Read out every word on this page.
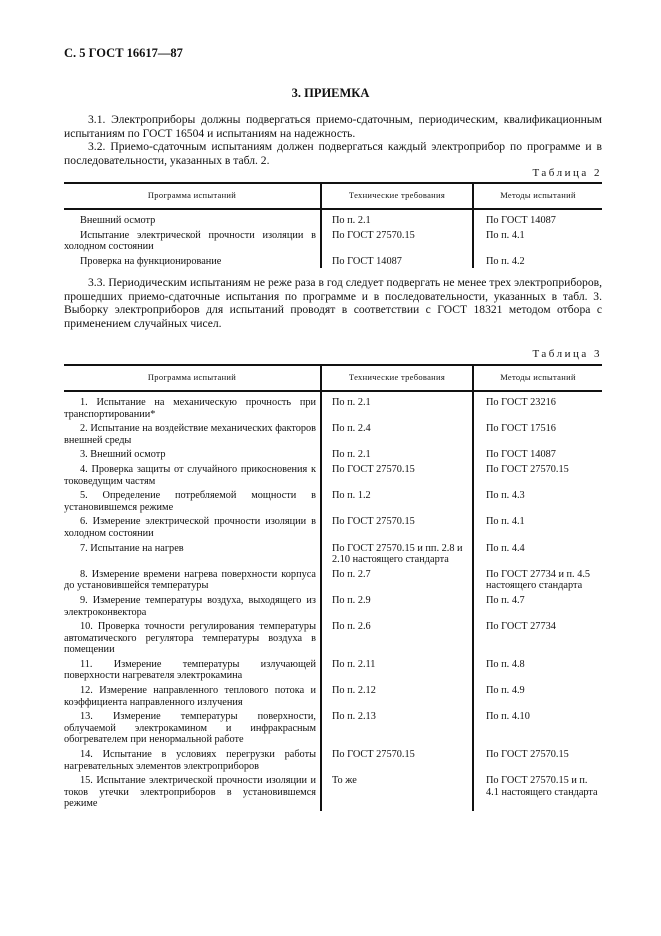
С. 5 ГОСТ 16617—87
3. ПРИЕМКА

3.1. Электроприборы должны подвергаться приемо-сдаточным, периодическим, квалификационным испытаниям по ГОСТ 16504 и испытаниям на надежность.

3.2. Приемо-сдаточным испытаниям должен подвергаться каждый электроприбор по программе и в последовательности, указанных в табл. 2.

Таблица 2
Программа испытаний	Технические требования	Методы испытаний

Внешний осмотр	По п. 2.1	По ГОСТ 14087

Испытание электрической прочности изоляции в холодном состоянии	По ГОСТ 27570.15	По п. 4.1

Проверка на функционирование	По ГОСТ 14087	По п. 4.2

3.3. Периодическим испытаниям не реже раза в год следует подвергать не менее трех электроприборов, прошедших приемо-сдаточные испытания по программе и в последовательности, указанных в табл. 3. Выборку электроприборов для испытаний проводят в соответствии с ГОСТ 18321 методом отбора с применением случайных чисел.

Таблица 3
Программа испытаний	Технические требования	Методы испытаний

1. Испытание на механическую прочность при транспортировании*	По п. 2.1	По ГОСТ 23216

2. Испытание на воздействие механических факторов внешней среды	По п. 2.4	По ГОСТ 17516

3. Внешний осмотр	По п. 2.1	По ГОСТ 14087

4. Проверка защиты от случайного прикосновения к токоведущим частям	По ГОСТ 27570.15	По ГОСТ 27570.15

5. Определение потребляемой мощности в установившемся режиме	По п. 1.2	По п. 4.3

6. Измерение электрической прочности изоляции в холодном состоянии	По ГОСТ 27570.15	По п. 4.1

7. Испытание на нагрев	По ГОСТ 27570.15 и пп. 2.8 и 2.10 настоящего стандарта	По п. 4.4

8. Измерение времени нагрева поверхности корпуса до установившейся температуры	По п. 2.7	По ГОСТ 27734 и п. 4.5 настоящего стандарта

9. Измерение температуры воздуха, выходящего из электроконвектора	По п. 2.9	По п. 4.7

10. Проверка точности регулирования температуры автоматического регулятора температуры воздуха в помещении	По п. 2.6	По ГОСТ 27734

11. Измерение температуры излучающей поверхности нагревателя электрокамина	По п. 2.11	По п. 4.8

12. Измерение направленного теплового потока и коэффициента направленного излучения	По п. 2.12	По п. 4.9

13. Измерение температуры поверхности, облучаемой электрокамином и инфракрасным обогревателем при ненормальной работе	По п. 2.13	По п. 4.10

14. Испытание в условиях перегрузки работы нагревательных элементов электроприборов	По ГОСТ 27570.15	По ГОСТ 27570.15

15. Испытание электрической прочности изоляции и токов утечки электроприборов в установившемся режиме	То же	По ГОСТ 27570.15 и п. 4.1 настоящего стандарта
